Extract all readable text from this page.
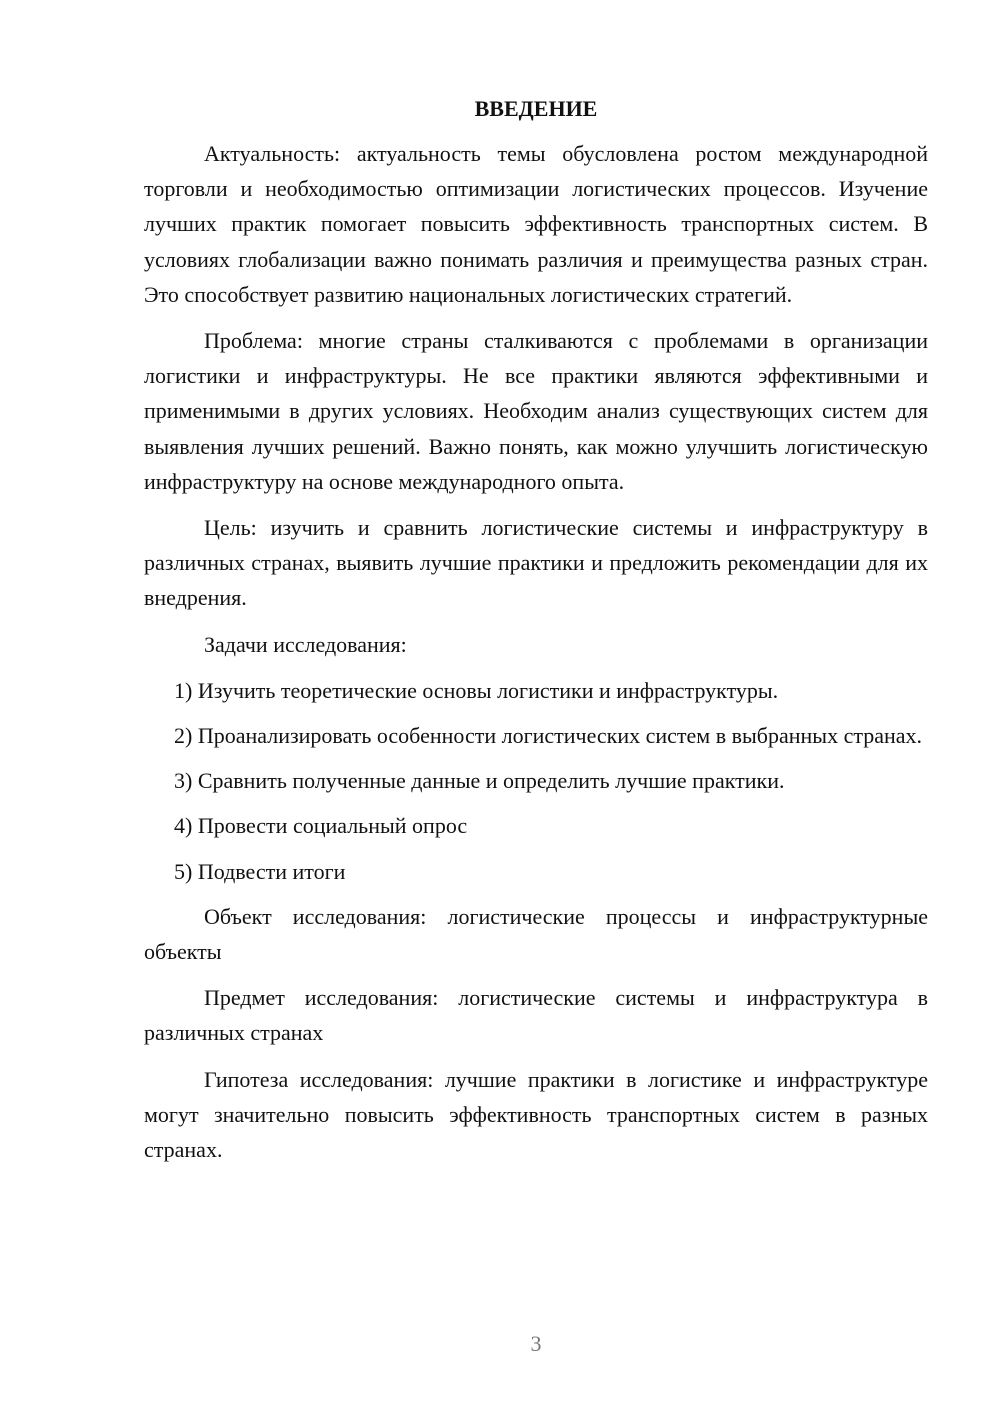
ВВЕДЕНИЕ

Актуальность: актуальность темы обусловлена ростом международной торговли и необходимостью оптимизации логистических процессов. Изучение лучших практик помогает повысить эффективность транспортных систем. В условиях глобализации важно понимать различия и преимущества разных стран. Это способствует развитию национальных логистических стратегий.

Проблема: многие страны сталкиваются с проблемами в организации логистики и инфраструктуры. Не все практики являются эффективными и применимыми в других условиях. Необходим анализ существующих систем для выявления лучших решений. Важно понять, как можно улучшить логистическую инфраструктуру на основе международного опыта.

Цель: изучить и сравнить логистические системы и инфраструктуру в различных странах, выявить лучшие практики и предложить рекомендации для их внедрения.

Задачи исследования:

1) Изучить теоретические основы логистики и инфраструктуры.

2) Проанализировать особенности логистических систем в выбранных странах.

3) Сравнить полученные данные и определить лучшие практики.

4) Провести социальный опрос

5) Подвести итоги

Объект исследования: логистические процессы и инфраструктурные объекты

Предмет исследования: логистические системы и инфраструктура в различных странах

Гипотеза исследования: лучшие практики в логистике и инфраструктуре могут значительно повысить эффективность транспортных систем в разных странах.

3
